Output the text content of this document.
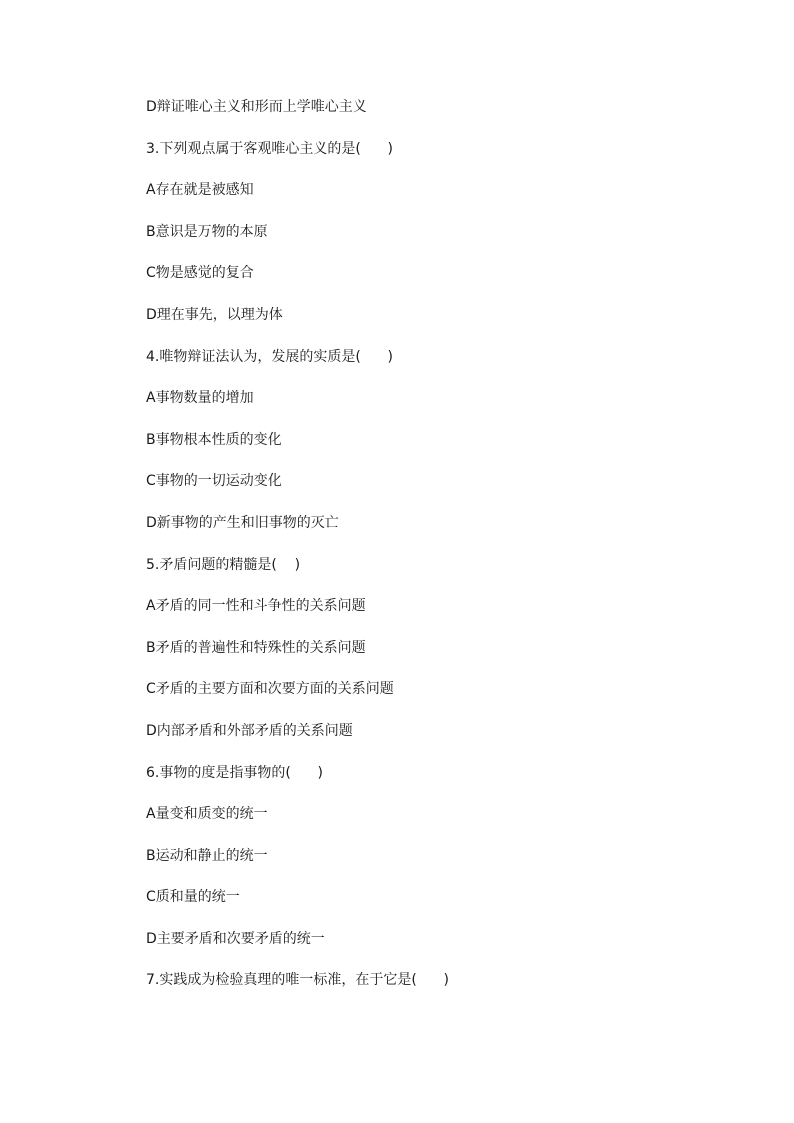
D辩证唯心主义和形而上学唯心主义
3.下列观点属于客观唯心主义的是(      )
A存在就是被感知
B意识是万物的本原
C物是感觉的复合
D理在事先，以理为体
4.唯物辩证法认为，发展的实质是(      )
A事物数量的增加
B事物根本性质的变化
C事物的一切运动变化
D新事物的产生和旧事物的灭亡
5.矛盾问题的精髓是(    )
A矛盾的同一性和斗争性的关系问题
B矛盾的普遍性和特殊性的关系问题
C矛盾的主要方面和次要方面的关系问题
D内部矛盾和外部矛盾的关系问题
6.事物的度是指事物的(      )
A量变和质变的统一
B运动和静止的统一
C质和量的统一
D主要矛盾和次要矛盾的统一
7.实践成为检验真理的唯一标准，在于它是(      )
